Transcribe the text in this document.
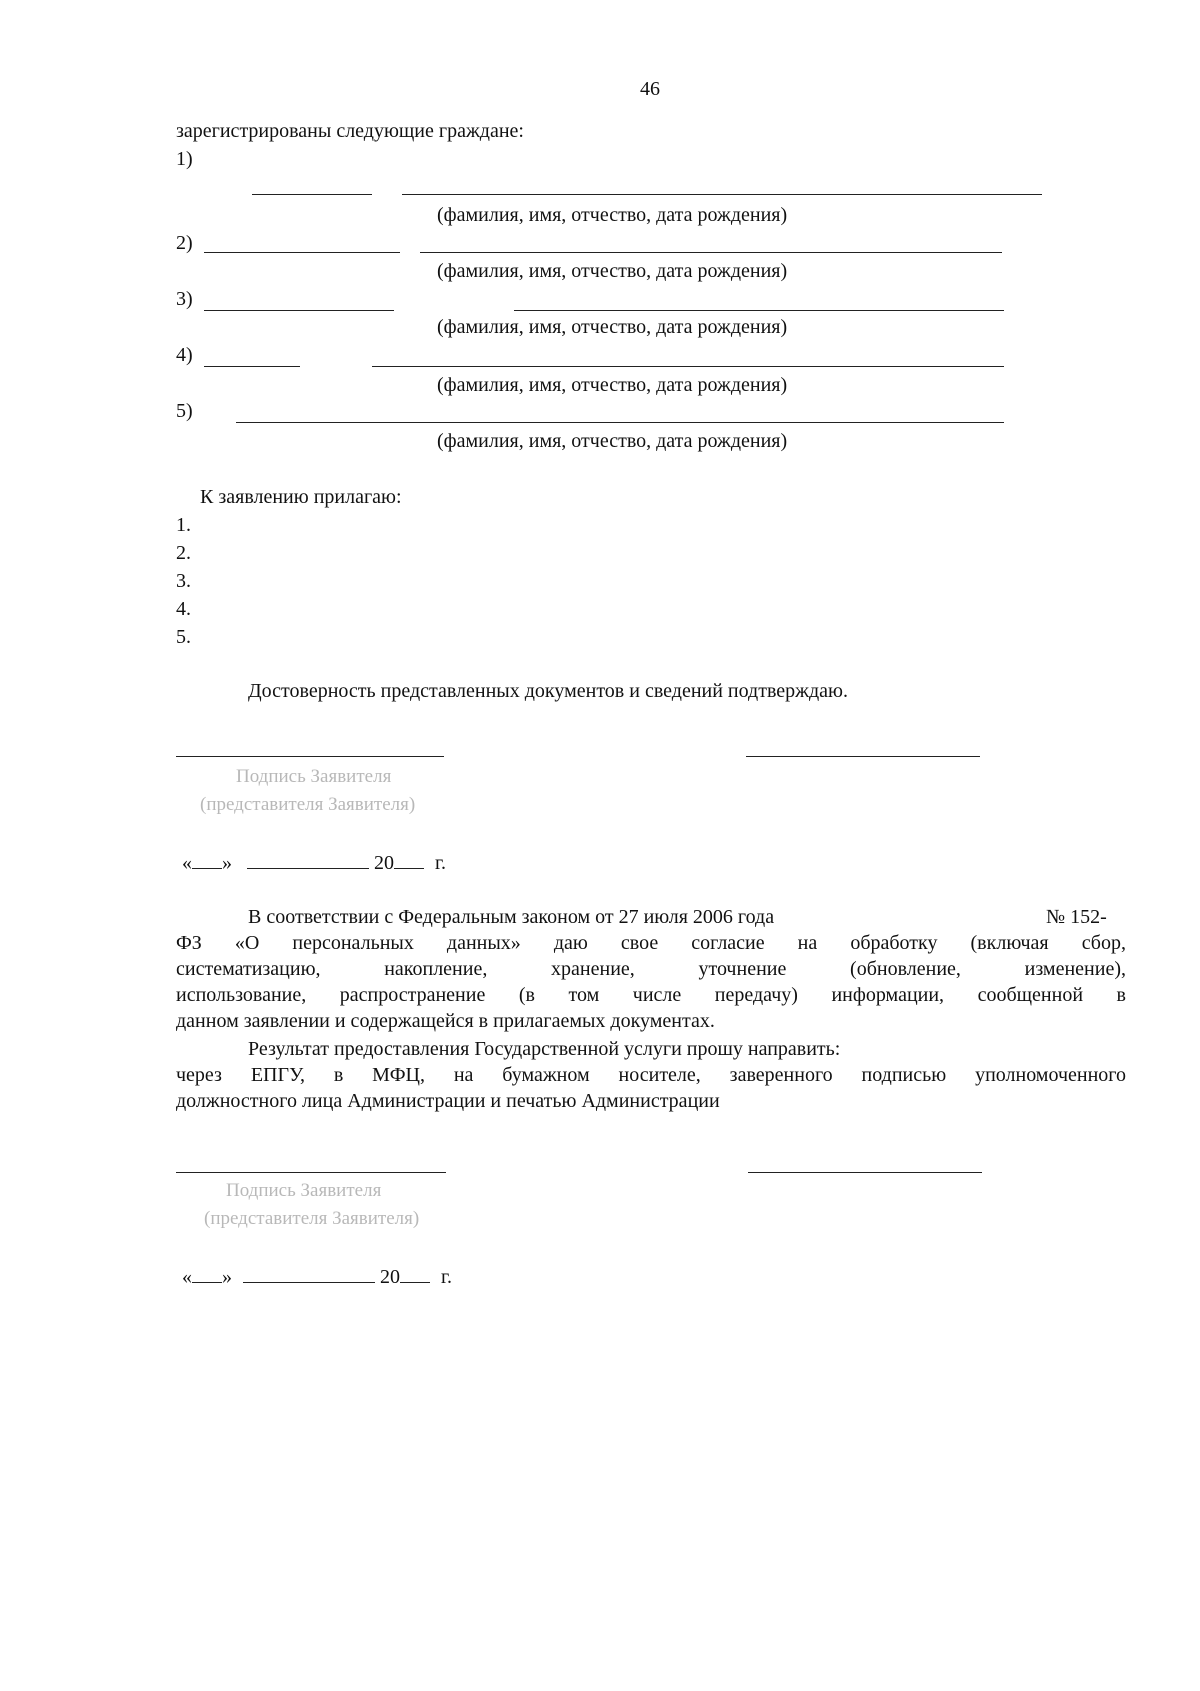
46
зарегистрированы следующие граждане:
1)
(фамилия, имя, отчество, дата рождения)
2)
(фамилия, имя, отчество, дата рождения)
3)
(фамилия, имя, отчество, дата рождения)
4)
(фамилия, имя, отчество, дата рождения)
5)
(фамилия, имя, отчество, дата рождения)
К заявлению прилагаю:
1.
2.
3.
4.
5.
Достоверность представленных документов и сведений подтверждаю.
Подпись Заявителя
(представителя Заявителя)
« »	20 г.
В соответствии с Федеральным законом от 27 июля 2006 года	№ 152-
ФЗ «О персональных данных» даю свое согласие на обработку (включая сбор,
систематизацию, накопление, хранение, уточнение (обновление, изменение),
использование, распространение (в том числе передачу) информации, сообщенной в
данном заявлении и содержащейся в прилагаемых документах.
Результат предоставления Государственной услуги прошу направить:
через ЕПГУ, в МФЦ, на бумажном носителе, заверенного подписью уполномоченного
должностного лица Администрации и печатью Администрации
Подпись Заявителя
(представителя Заявителя)
« »	20 г.
